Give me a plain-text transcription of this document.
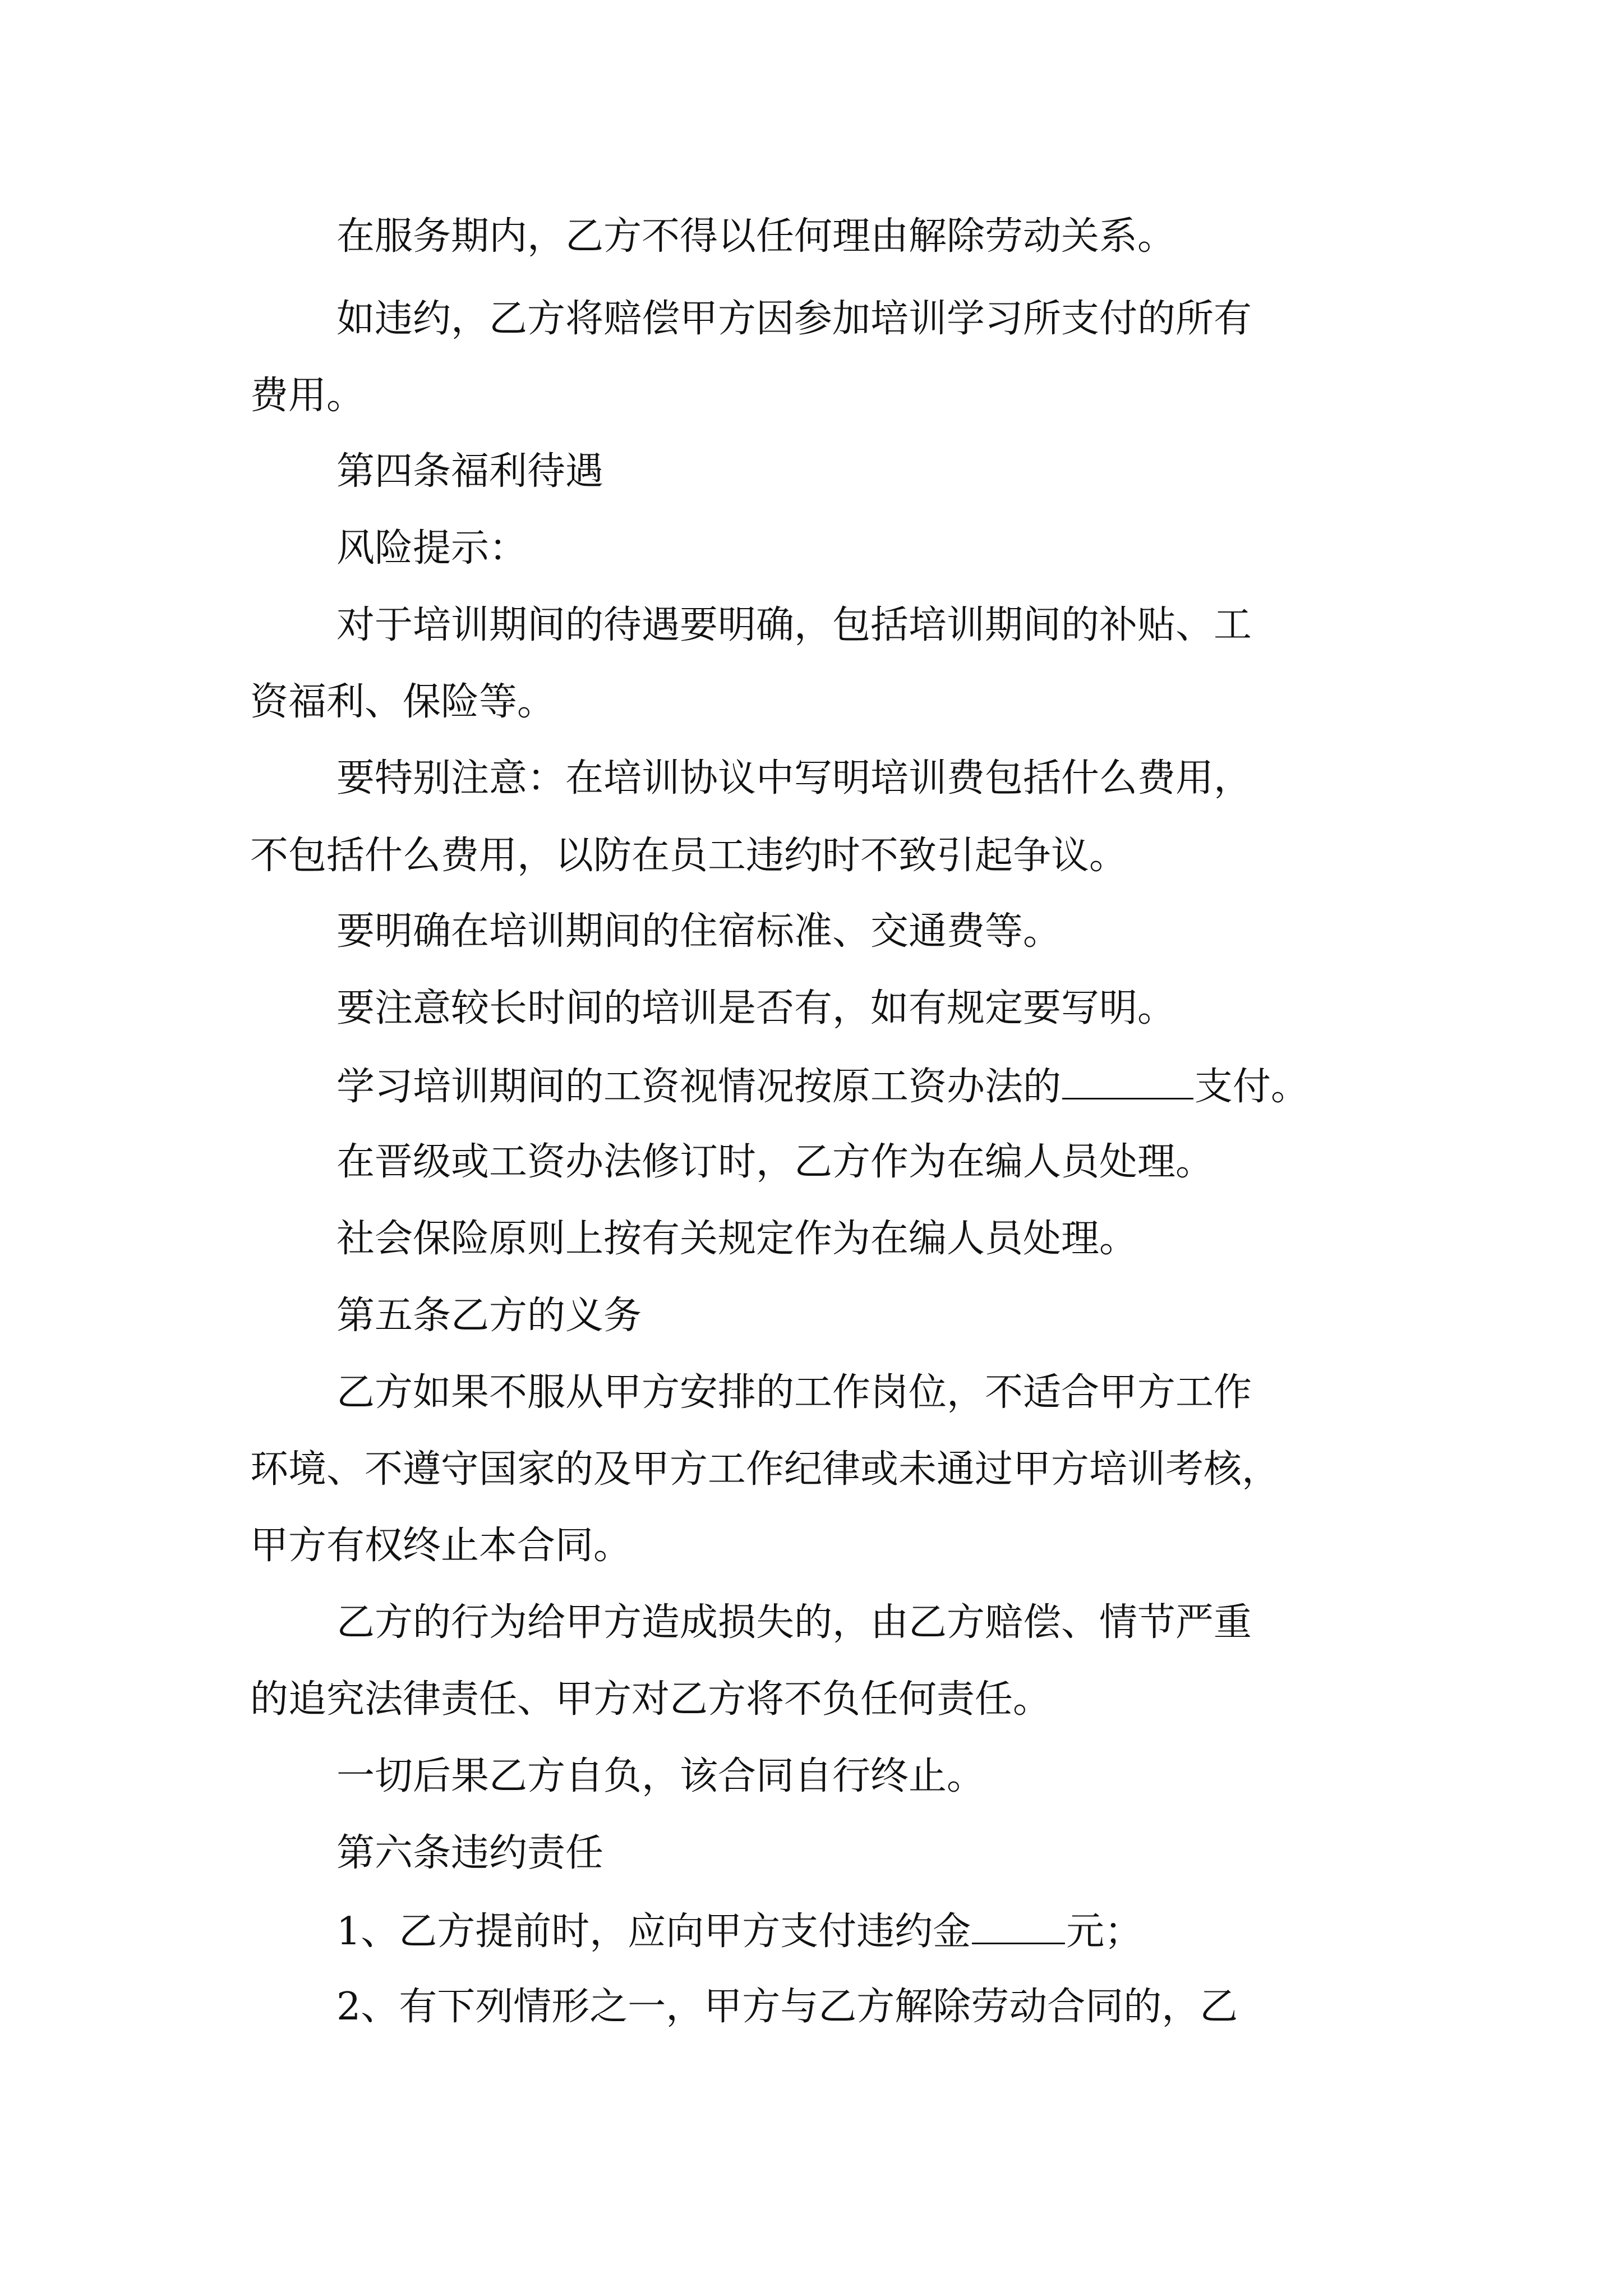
在服务期内，乙方不得以任何理由解除劳动关系。
如违约，乙方将赔偿甲方因参加培训学习所支付的所有
费用。
第四条福利待遇
风险提示：
对于培训期间的待遇要明确，包括培训期间的补贴、工
资福利、保险等。
要特别注意：在培训协议中写明培训费包括什么费用，
不包括什么费用，以防在员工违约时不致引起争议。
要明确在培训期间的住宿标准、交通费等。
要注意较长时间的培训是否有，如有规定要写明。
学习培训期间的工资视情况按原工资办法的	支付。
在晋级或工资办法修订时，乙方作为在编人员处理。
社会保险原则上按有关规定作为在编人员处理。
第五条乙方的义务
乙方如果不服从甲方安排的工作岗位，不适合甲方工作
环境、不遵守国家的及甲方工作纪律或未通过甲方培训考核，
甲方有权终止本合同。
乙方的行为给甲方造成损失的，由乙方赔偿、情节严重
的追究法律责任、甲方对乙方将不负任何责任。
一切后果乙方自负，该合同自行终止。
第六条违约责任
1、乙方提前时，应向甲方支付违约金	元；
2、有下列情形之一，甲方与乙方解除劳动合同的，乙
